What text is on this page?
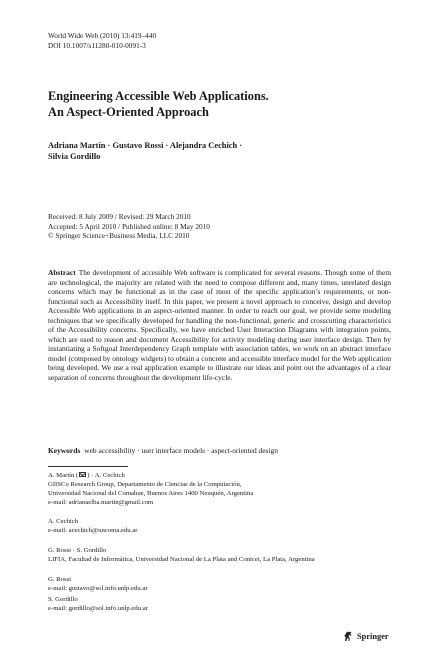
World Wide Web (2010) 13:419–440
DOI 10.1007/s11280-010-0091-3
Engineering Accessible Web Applications.
An Aspect-Oriented Approach
Adriana Martín · Gustavo Rossi · Alejandra Cechich ·
Silvia Gordillo
Received: 8 July 2009 / Revised: 29 March 2010
Accepted: 5 April 2010 / Published online: 8 May 2010
© Springer Science+Business Media, LLC 2010
Abstract The development of accessible Web software is complicated for several reasons. Though some of them are technological, the majority are related with the need to compose different and, many times, unrelated design concerns which may be functional as in the case of most of the specific application’s requirements, or non-functional such as Accessibility itself. In this paper, we present a novel approach to conceive, design and develop Accessible Web applications in an aspect-oriented manner. In order to reach our goal, we provide some modeling techniques that we specifically developed for handling the non-functional, generic and crosscutting characteristics of the Accessibility concerns. Specifically, we have enriched User Interaction Diagrams with integration points, which are used to reason and document Accessibility for activity modeling during user interface design. Then by instantiating a Softgoal Interdependency Graph template with association tables, we work on an abstract interface model (composed by ontology widgets) to obtain a concrete and accessible interface model for the Web application being developed. We use a real application example to illustrate our ideas and point out the advantages of a clear separation of concerns throughout the development life-cycle.
Keywords web accessibility · user interface models · aspect-oriented design
A. Martín ( ) · A. Cechich
GIISCo Research Group, Departamento de Ciencias de la Computación,
Universidad Nacional del Comahue, Buenos Aires 1400 Neuquén, Argentina
e-mail: adrianaelba.martin@gmail.com
A. Cechich
e-mail: acechich@uncoma.edu.ar
G. Rossi · S. Gordillo
LIFIA, Facultad de Informática, Universidad Nacional de La Plata and Conicet, La Plata, Argentina
G. Rossi
e-mail: gustavo@sol.info.unlp.edu.ar
S. Gordillo
e-mail: gordillo@sol.info.unlp.edu.ar
Springer
